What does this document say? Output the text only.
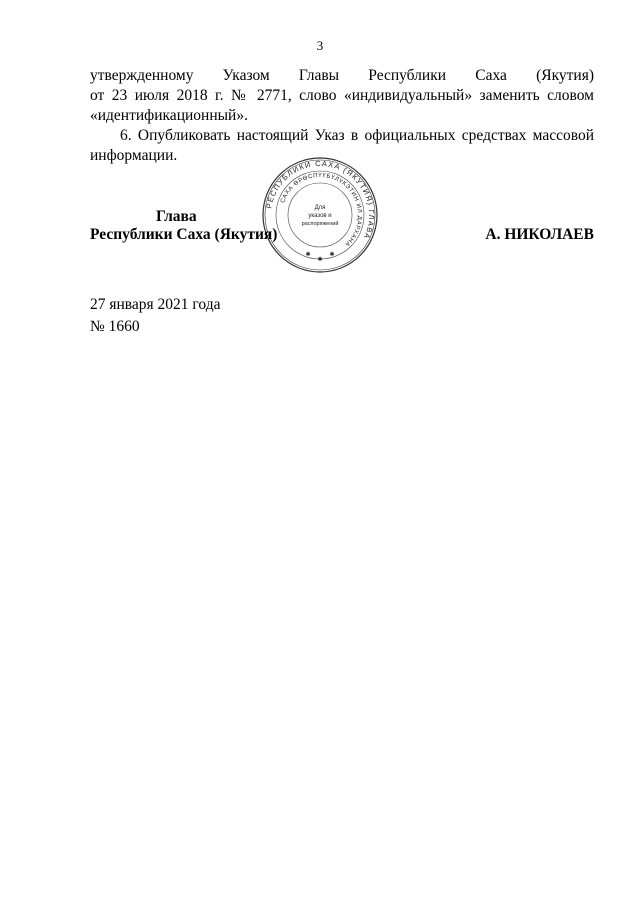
3
утвержденному Указом Главы Республики Саха (Якутия)
от 23 июля 2018 г. № 2771, слово «индивидуальный» заменить словом
«идентификационный».
6. Опубликовать настоящий Указ в официальных средствах массовой
информации.
РЕСПУБЛИКИ САХА (ЯКУТИЯ) ГЛАВА
САХА ӨРӨСПҮҮБҮЛҮКЭТИН ИЛ ДАРХАНА
Для
указов и
распоряжений
✱
✱
✱
Глава
Республики Саха (Якутия)	А. НИКОЛАЕВ
27 января 2021 года
№ 1660
